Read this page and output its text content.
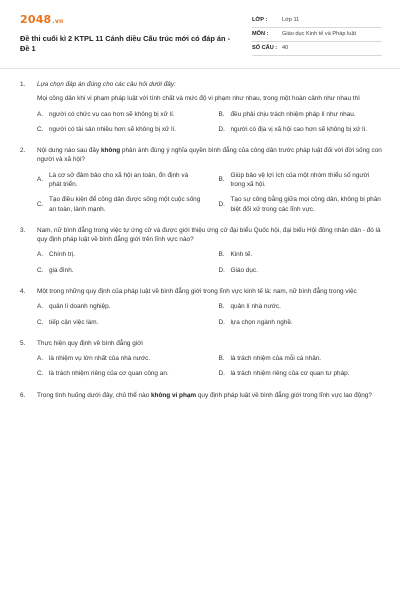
2048.vn
Đề thi cuối kì 2 KTPL 11 Cánh diều Cấu trúc mới có đáp án - Đề 1
LỚP :	Lớp 11
MÔN :	Giáo dục Kinh tế và Pháp luật
SỐ CÂU : 40
1.	Lựa chọn đáp án đúng cho các câu hỏi dưới đây:
Mọi công dân khi vi phạm pháp luật với tính chất và mức độ vi phạm như nhau, trong một hoàn cảnh như nhau thì
A. người có chức vụ cao hơn sẽ không bị xử lí.	B. đều phải chịu trách nhiệm pháp lí như nhau.
C. người có tài sản nhiều hơn sẽ không bị xử lí.	D. người có địa vị xã hội cao hơn sẽ không bị xử lí.
2.	Nội dung nào sau đây không phản ánh đúng ý nghĩa quyền bình đẳng của công dân trước pháp luật đối với đời sống con người và xã hội?
A.
Là cơ sở đảm bảo cho xã hội an toàn, ổn định và phát triển.
B.
Giúp bảo vệ lợi ích của một nhóm thiểu số người trong xã hội.
C.
Tạo điều kiện để công dân được sống một cuộc sống an toàn, lành mạnh.
D.
Tạo sự công bằng giữa mọi công dân, không bị phân biệt đối xử trong các lĩnh vực.
3.	Nam, nữ bình đẳng trong việc tự ứng cử và được giới thiệu ứng cử đại biểu Quốc hội, đại biểu Hội đồng nhân dân - đó là quy định pháp luật về bình đẳng giới trên lĩnh vực nào?
A. Chính trị.	B. Kinh tế.
C. gia đình.	D. Giáo dục.
4.	Một trong những quy định của pháp luật về bình đẳng giới trong lĩnh vực kinh tế là: nam, nữ bình đẳng trong việc
A. quản lí doanh nghiệp.	B. quản lí nhà nước.
C. tiếp cận việc làm.	D. lựa chọn ngành nghề.
5.	Thực hiện quy định về bình đẳng giới
A. là nhiệm vụ lớn nhất của nhà nước.	B. là trách nhiệm của mỗi cá nhân.
C. là trách nhiệm riêng của cơ quan công an.	D. là trách nhiệm riêng của cơ quan tư pháp.
6.	Trong tình huống dưới đây, chủ thể nào không vi phạm quy định pháp luật về bình đẳng giới trong lĩnh vực lao động?
